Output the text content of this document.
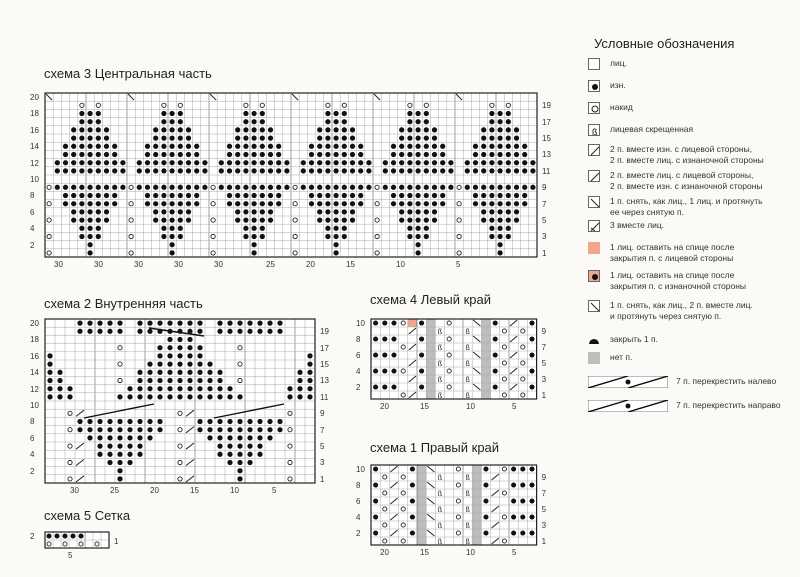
схема 3 Центральная часть
20
18
16
14
12
10
8
6
4
2
19
17
15
13
11
9
7
5
3
1
30	30	30	30	30	25	20	15	10	5
схема 2 Внутренняя часть
20
18
16
14
12
10
8
6
4
2
19
17
15
13
11
9
7
5
3
1
30	25	20	15	10	5
схема 4 Левый край
ß	ß
ß	ß
ß	ß
ß	ß
ß	ß
10
8
6
4
2
9
7
5
3
1
20	15	10	5
схема 1 Правый край
ß	ß
ß	ß
ß	ß
ß	ß
ß	ß
10
8
6
4
2
9
7
5
3
1
20	15	10	5
схема 5 Сетка
2
1
5
Условные обозначения
лиц.
изн.
накид
ß лицевая скрещенная
2 п. вместе изн. с лицевой стороны,
2 п. вместе лиц. с изнаночной стороны
2 п. вместе лиц. с лицевой стороны,
2 п. вместе изн. с изнаночной стороны
1 п. снять, как лиц., 1 лиц. и протянуть
ее через снятую п.
3 вместе лиц.
1 лиц. оставить на спице после
закрытия п. с лицевой стороны
1 лиц. оставить на спице после
закрытия п. с изнаночной стороны
1 п. снять, как лиц., 2 п. вместе лиц.
и протянуть через снятую п.
закрыть 1 п.
нет п.
7 п. перекрестить налево
7 п. перекрестить направо
